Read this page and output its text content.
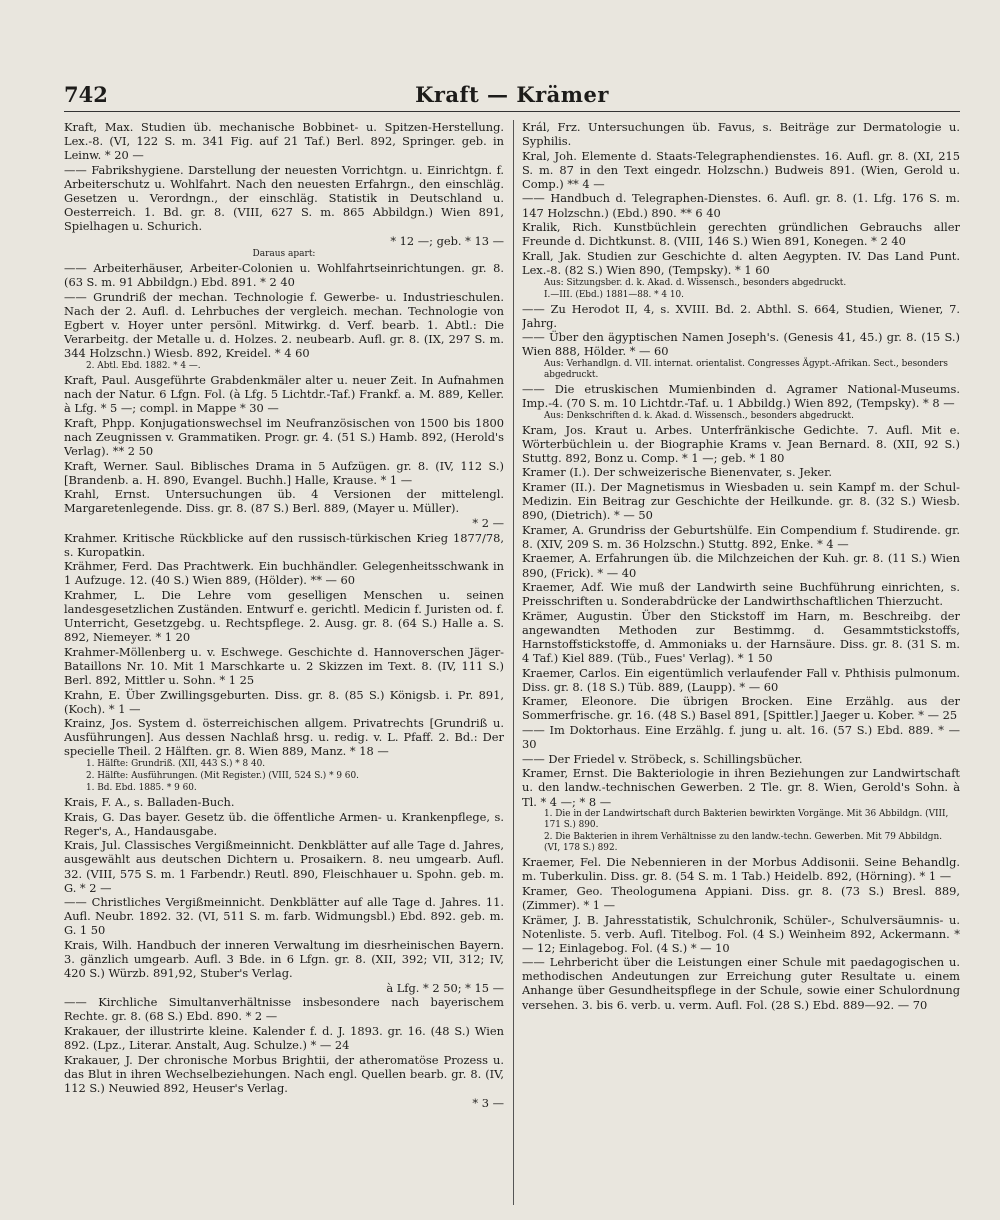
742	Kraft — Krämer

Kraft, Max. Studien üb. mechanische Bobbinet- u. Spitzen-Herstellung. Lex.-8. (VI, 122 S. m. 341 Fig. auf 21 Taf.) Berl. 892, Springer. geb. in Leinw. * 20 —

—— Fabrikshygiene. Darstellung der neuesten Vorrichtgn. u. Einrichtgn. f. Arbeiterschutz u. Wohlfahrt. Nach den neuesten Erfahrgn., den einschläg. Gesetzen u. Verordngn., der einschläg. Statistik in Deutschland u. Oesterreich. 1. Bd. gr. 8. (VIII, 627 S. m. 865 Abbildgn.) Wien 891, Spielhagen u. Schurich.

* 12 —; geb. * 13 —

Daraus apart:

—— Arbeiterhäuser, Arbeiter-Colonien u. Wohlfahrtseinrichtungen. gr. 8. (63 S. m. 91 Abbildgn.) Ebd. 891. * 2 40

—— Grundriß der mechan. Technologie f. Gewerbe- u. Industrieschulen. Nach der 2. Aufl. d. Lehrbuches der vergleich. mechan. Technologie von Egbert v. Hoyer unter persönl. Mitwirkg. d. Verf. bearb. 1. Abtl.: Die Verarbeitg. der Metalle u. d. Holzes. 2. neubearb. Aufl. gr. 8. (IX, 297 S. m. 344 Holzschn.) Wiesb. 892, Kreidel. * 4 60

2. Abtl. Ebd. 1882. * 4 —.

Kraft, Paul. Ausgeführte Grabdenkmäler alter u. neuer Zeit. In Aufnahmen nach der Natur. 6 Lfgn. Fol. (à Lfg. 5 Lichtdr.-Taf.) Frankf. a. M. 889, Keller. à Lfg. * 5 —; compl. in Mappe * 30 —

Kraft, Phpp. Konjugationswechsel im Neufranzösischen von 1500 bis 1800 nach Zeugnissen v. Grammatiken. Progr. gr. 4. (51 S.) Hamb. 892, (Herold's Verlag). ** 2 50

Kraft, Werner. Saul. Biblisches Drama in 5 Aufzügen. gr. 8. (IV, 112 S.) [Brandenb. a. H. 890, Evangel. Buchh.] Halle, Krause. * 1 —

Krahl, Ernst. Untersuchungen üb. 4 Versionen der mittelengl. Margaretenlegende. Diss. gr. 8. (87 S.) Berl. 889, (Mayer u. Müller).

* 2 —

Krahmer. Kritische Rückblicke auf den russisch-türkischen Krieg 1877/78, s. Kuropatkin.

Krähmer, Ferd. Das Prachtwerk. Ein buchhändler. Gelegenheitsschwank in 1 Aufzuge. 12. (40 S.) Wien 889, (Hölder). ** — 60

Krahmer, L. Die Lehre vom geselligen Menschen u. seinen landesgesetzlichen Zuständen. Entwurf e. gerichtl. Medicin f. Juristen od. f. Unterricht, Gesetzgebg. u. Rechtspflege. 2. Ausg. gr. 8. (64 S.) Halle a. S. 892, Niemeyer. * 1 20

Krahmer-Möllenberg u. v. Eschwege. Geschichte d. Hannoverschen Jäger-Bataillons Nr. 10. Mit 1 Marschkarte u. 2 Skizzen im Text. 8. (IV, 111 S.) Berl. 892, Mittler u. Sohn. * 1 25

Krahn, E. Über Zwillingsgeburten. Diss. gr. 8. (85 S.) Königsb. i. Pr. 891, (Koch). * 1 —

Krainz, Jos. System d. österreichischen allgem. Privatrechts [Grundriß u. Ausführungen]. Aus dessen Nachlaß hrsg. u. redig. v. L. Pfaff. 2. Bd.: Der specielle Theil. 2 Hälften. gr. 8. Wien 889, Manz. * 18 —

1. Hälfte: Grundriß. (XII, 443 S.) * 8 40.

2. Hälfte: Ausführungen. (Mit Register.) (VIII, 524 S.) * 9 60.

1. Bd. Ebd. 1885. * 9 60.

Krais, F. A., s. Balladen-Buch.

Krais, G. Das bayer. Gesetz üb. die öffentliche Armen- u. Krankenpflege, s. Reger's, A., Handausgabe.

Krais, Jul. Classisches Vergißmeinnicht. Denkblätter auf alle Tage d. Jahres, ausgewählt aus deutschen Dichtern u. Prosaikern. 8. neu umgearb. Aufl. 32. (VIII, 575 S. m. 1 Farbendr.) Reutl. 890, Fleischhauer u. Spohn. geb. m. G. * 2 —

—— Christliches Vergißmeinnicht. Denkblätter auf alle Tage d. Jahres. 11. Aufl. Neubr. 1892. 32. (VI, 511 S. m. farb. Widmungsbl.) Ebd. 892. geb. m. G. 1 50

Krais, Wilh. Handbuch der inneren Verwaltung im diesrheinischen Bayern. 3. gänzlich umgearb. Aufl. 3 Bde. in 6 Lfgn. gr. 8. (XII, 392; VII, 312; IV, 420 S.) Würzb. 891,92, Stuber's Verlag.

à Lfg. * 2 50; * 15 —

—— Kirchliche Simultanverhältnisse insbesondere nach bayerischem Rechte. gr. 8. (68 S.) Ebd. 890. * 2 —

Krakauer, der illustrirte kleine. Kalender f. d. J. 1893. gr. 16. (48 S.) Wien 892. (Lpz., Literar. Anstalt, Aug. Schulze.) * — 24

Krakauer, J. Der chronische Morbus Brightii, der atheromatöse Prozess u. das Blut in ihren Wechselbeziehungen. Nach engl. Quellen bearb. gr. 8. (IV, 112 S.) Neuwied 892, Heuser's Verlag.

* 3 —

Král, Frz. Untersuchungen üb. Favus, s. Beiträge zur Dermatologie u. Syphilis.

Kral, Joh. Elemente d. Staats-Telegraphendienstes. 16. Aufl. gr. 8. (XI, 215 S. m. 87 in den Text eingedr. Holzschn.) Budweis 891. (Wien, Gerold u. Comp.) ** 4 —

—— Handbuch d. Telegraphen-Dienstes. 6. Aufl. gr. 8. (1. Lfg. 176 S. m. 147 Holzschn.) (Ebd.) 890. ** 6 40

Kralik, Rich. Kunstbüchlein gerechten gründlichen Gebrauchs aller Freunde d. Dichtkunst. 8. (VIII, 146 S.) Wien 891, Konegen. * 2 40

Krall, Jak. Studien zur Geschichte d. alten Aegypten. IV. Das Land Punt. Lex.-8. (82 S.) Wien 890, (Tempsky). * 1 60

Aus: Sitzungsber. d. k. Akad. d. Wissensch., besonders abgedruckt.

I.—III. (Ebd.) 1881—88. * 4 10.

—— Zu Herodot II, 4, s. XVIII. Bd. 2. Abthl. S. 664, Studien, Wiener, 7. Jahrg.

—— Über den ägyptischen Namen Joseph's. (Genesis 41, 45.) gr. 8. (15 S.) Wien 888, Hölder. * — 60

Aus: Verhandlgn. d. VII. internat. orientalist. Congresses Ägypt.-Afrikan. Sect., besonders abgedruckt.

—— Die etruskischen Mumienbinden d. Agramer National-Museums. Imp.-4. (70 S. m. 10 Lichtdr.-Taf. u. 1 Abbildg.) Wien 892, (Tempsky). * 8 —

Aus: Denkschriften d. k. Akad. d. Wissensch., besonders abgedruckt.

Kram, Jos. Kraut u. Arbes. Unterfränkische Gedichte. 7. Aufl. Mit e. Wörterbüchlein u. der Biographie Krams v. Jean Bernard. 8. (XII, 92 S.) Stuttg. 892, Bonz u. Comp. * 1 —; geb. * 1 80

Kramer (I.). Der schweizerische Bienenvater, s. Jeker.

Kramer (II.). Der Magnetismus in Wiesbaden u. sein Kampf m. der Schul-Medizin. Ein Beitrag zur Geschichte der Heilkunde. gr. 8. (32 S.) Wiesb. 890, (Dietrich). * — 50

Kramer, A. Grundriss der Geburtshülfe. Ein Compendium f. Studirende. gr. 8. (XIV, 209 S. m. 36 Holzschn.) Stuttg. 892, Enke. * 4 —

Kraemer, A. Erfahrungen üb. die Milchzeichen der Kuh. gr. 8. (11 S.) Wien 890, (Frick). * — 40

Kraemer, Adf. Wie muß der Landwirth seine Buchführung einrichten, s. Preisschriften u. Sonderabdrücke der Landwirthschaftlichen Thierzucht.

Krämer, Augustin. Über den Stickstoff im Harn, m. Beschreibg. der angewandten Methoden zur Bestimmg. d. Gesammtstickstoffs, Harnstoffstickstoffe, d. Ammoniaks u. der Harnsäure. Diss. gr. 8. (31 S. m. 4 Taf.) Kiel 889. (Tüb., Fues' Verlag). * 1 50

Kraemer, Carlos. Ein eigentümlich verlaufender Fall v. Phthisis pulmonum. Diss. gr. 8. (18 S.) Tüb. 889, (Laupp). * — 60

Kramer, Eleonore. Die übrigen Brocken. Eine Erzählg. aus der Sommerfrische. gr. 16. (48 S.) Basel 891, [Spittler.] Jaeger u. Kober. * — 25

—— Im Doktorhaus. Eine Erzählg. f. jung u. alt. 16. (57 S.) Ebd. 889. * — 30

—— Der Friedel v. Ströbeck, s. Schillingsbücher.

Kramer, Ernst. Die Bakteriologie in ihren Beziehungen zur Landwirtschaft u. den landw.-technischen Gewerben. 2 Tle. gr. 8. Wien, Gerold's Sohn. à Tl. * 4 —; * 8 —

1. Die in der Landwirtschaft durch Bakterien bewirkten Vorgänge. Mit 36 Abbildgn. (VIII, 171 S.) 890.

2. Die Bakterien in ihrem Verhältnisse zu den landw.-techn. Gewerben. Mit 79 Abbildgn. (VI, 178 S.) 892.

Kraemer, Fel. Die Nebennieren in der Morbus Addisonii. Seine Behandlg. m. Tuberkulin. Diss. gr. 8. (54 S. m. 1 Tab.) Heidelb. 892, (Hörning). * 1 —

Kramer, Geo. Theologumena Appiani. Diss. gr. 8. (73 S.) Bresl. 889, (Zimmer). * 1 —

Krämer, J. B. Jahresstatistik, Schulchronik, Schüler-, Schulversäumnis- u. Notenliste. 5. verb. Aufl. Titelbog. Fol. (4 S.) Weinheim 892, Ackermann. * — 12; Einlagebog. Fol. (4 S.) * — 10

—— Lehrbericht über die Leistungen einer Schule mit paedagogischen u. methodischen Andeutungen zur Erreichung guter Resultate u. einem Anhange über Gesundheitspflege in der Schule, sowie einer Schulordnung versehen. 3. bis 6. verb. u. verm. Aufl. Fol. (28 S.) Ebd. 889—92. — 70
